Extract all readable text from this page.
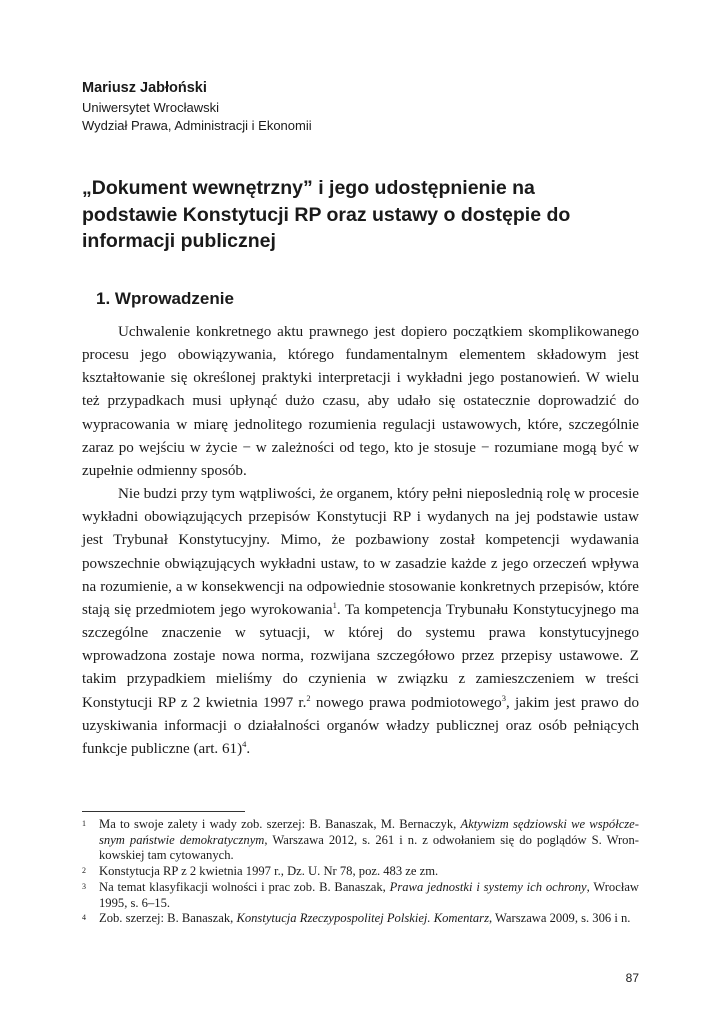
Mariusz Jabłoński

Uniwersytet Wrocławski

Wydział Prawa, Administracji i Ekonomii

„Dokument wewnętrzny” i jego udostępnienie na podstawie Konstytucji RP oraz ustawy o dostępie do informacji publicznej
1. Wprowadzenie

Uchwalenie konkretnego aktu prawnego jest dopiero początkiem skomplikowanego procesu jego obowiązywania, którego fundamentalnym elementem składowym jest kształtowanie się określonej praktyki interpretacji i wykładni jego postanowień. W wielu też przypadkach musi upłynąć dużo czasu, aby udało się ostatecznie doprowadzić do wypracowania w miarę jednolitego rozumienia regulacji ustawowych, które, szczególnie zaraz po wejściu w życie − w zależności od tego, kto je stosuje − rozumiane mogą być w zupełnie odmienny sposób.

Nie budzi przy tym wątpliwości, że organem, który pełni nieposlednią rolę w procesie wykładni obowiązujących przepisów Konstytucji RP i wydanych na jej podstawie ustaw jest Trybunał Konstytucyjny. Mimo, że pozbawiony został kompetencji wydawania powszechnie obwiązujących wykładni ustaw, to w zasadzie każde z jego orzeczeń wpływa na rozumienie, a w konsekwencji na odpowiednie stosowanie konkretnych przepisów, które stają się przedmiotem jego wyrokowania$^1$. Ta kompetencja Trybunału Konstytucyjnego ma szczególne znaczenie w sytuacji, w której do systemu prawa konstytucyjnego wprowadzona zostaje nowa norma, rozwijana szczegółowo przez przepisy ustawowe. Z takim przypadkiem mieliśmy do czynienia w związku z zamieszczeniem w treści Konstytucji RP z 2 kwietnia 1997 r.$^2$ nowego prawa podmiotowego$^3$, jakim jest prawo do uzyskiwania informacji o działalności organów władzy publicznej oraz osób pełniących funkcje publiczne (art. 61)$^4$.

1	Ma to swoje zalety i wady zob. szerzej: B. Banaszak, M. Bernaczyk, Aktywizm sędziowski we współczesnym państwie demokratycznym, Warszawa 2012, s. 261 i n. z odwołaniem się do poglądów S. Wronkowskiej tam cytowanych.
2	Konstytucja RP z 2 kwietnia 1997 r., Dz. U. Nr 78, poz. 483 ze zm.
3	Na temat klasyfikacji wolności i prac zob. B. Banaszak, Prawa jednostki i systemy ich ochrony, Wrocław 1995, s. 6–15.
4	Zob. szerzej: B. Banaszak, Konstytucja Rzeczypospolitej Polskiej. Komentarz, Warszawa 2009, s. 306 i n.
87
